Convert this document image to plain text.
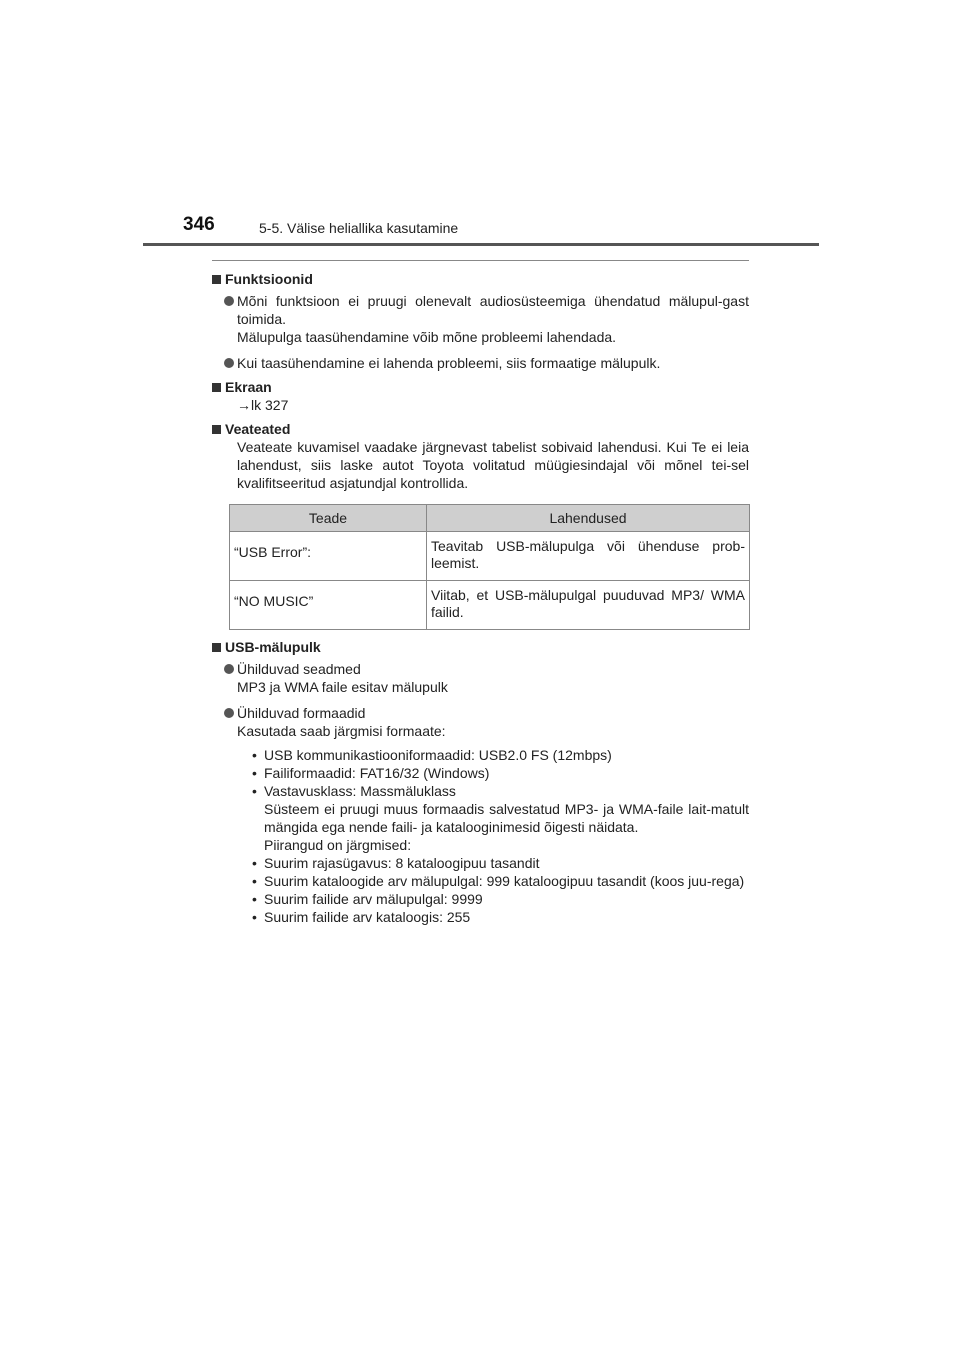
346	5-5. Välise heliallika kasutamine
Funktsioonid
Mõni funktsioon ei pruugi olenevalt audiosüsteemiga ühendatud mälupul-gast toimida.
Mälupulga taasühendamine võib mõne probleemi lahendada.
Kui taasühendamine ei lahenda probleemi, siis formaatige mälupulk.
Ekraan
→lk 327
Veateated
Veateate kuvamisel vaadake järgnevast tabelist sobivaid lahendusi. Kui Te ei leia lahendust, siis laske autot Toyota volitatud müügiesindajal või mõnel tei-sel kvalifitseeritud asjatundjal kontrollida.
Teade	Lahendused
“USB Error”:	Teavitab USB-mälupulga või ühenduse prob-leemist.
“NO MUSIC”	Viitab, et USB-mälupulgal puuduvad MP3/ WMA failid.
USB-mälupulk
Ühilduvad seadmed
MP3 ja WMA faile esitav mälupulk
Ühilduvad formaadid
Kasutada saab järgmisi formaate:
• USB kommunikastiooniformaadid: USB2.0 FS (12mbps)
• Failiformaadid: FAT16/32 (Windows)
• Vastavusklass: Massmäluklass
Süsteem ei pruugi muus formaadis salvestatud MP3- ja WMA-faile lait-matult mängida ega nende faili- ja katalooginimesid õigesti näidata.
Piirangud on järgmised:
• Suurim rajasügavus: 8 kataloogipuu tasandit
• Suurim kataloogide arv mälupulgal: 999 kataloogipuu tasandit (koos juu-rega)
• Suurim failide arv mälupulgal: 9999
• Suurim failide arv kataloogis: 255
